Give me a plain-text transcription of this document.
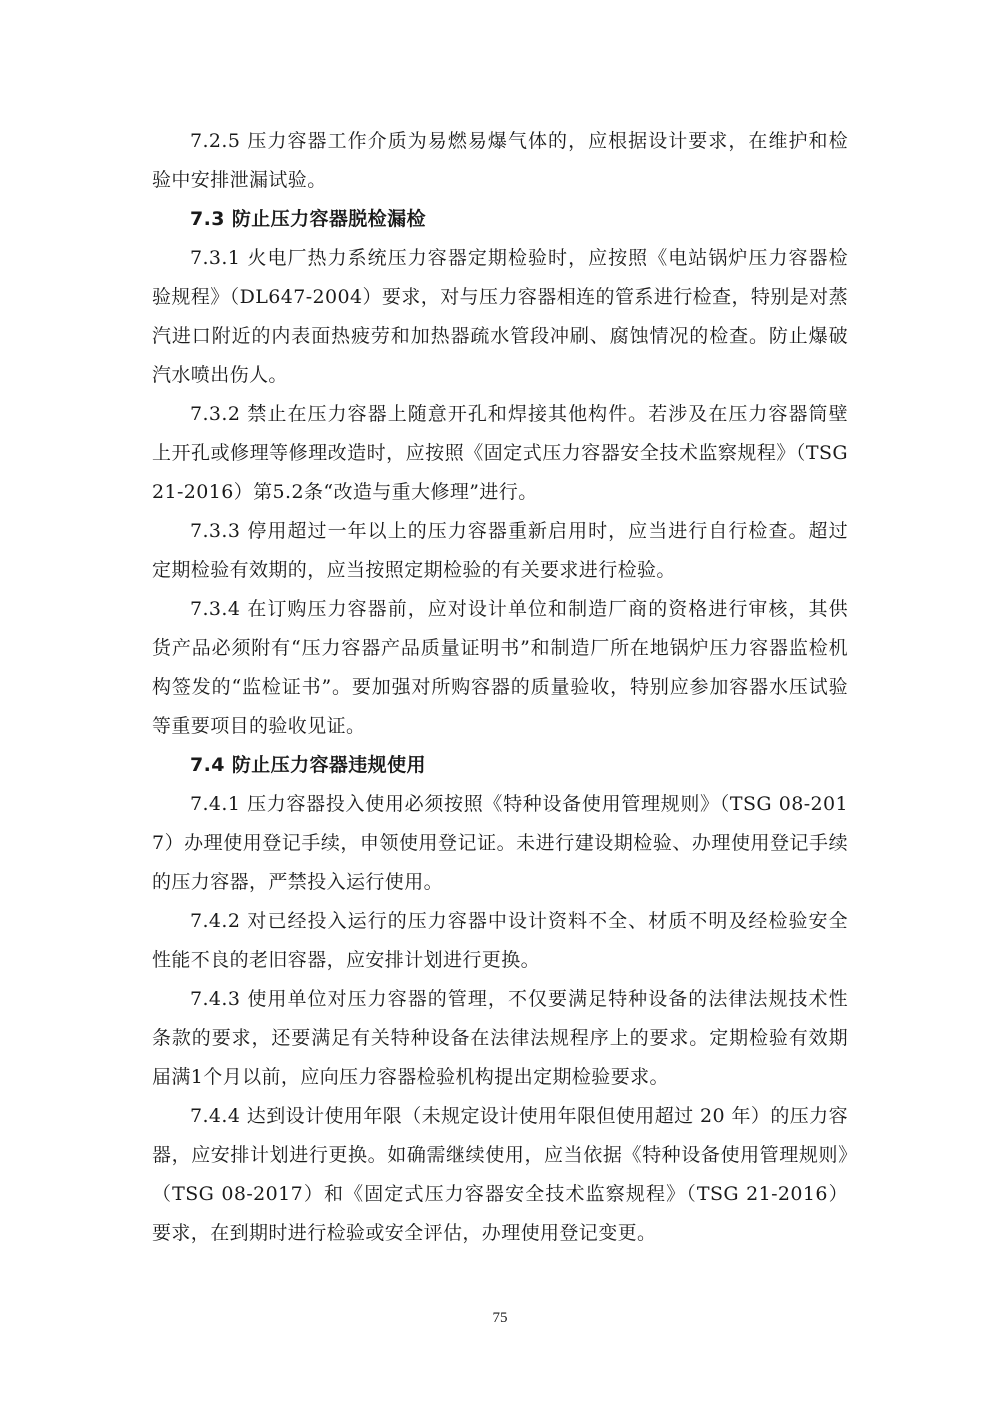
7.2.5 压力容器工作介质为易燃易爆气体的，应根据设计要求，在维护和检验中安排泄漏试验。

7.3 防止压力容器脱检漏检

7.3.1 火电厂热力系统压力容器定期检验时，应按照《电站锅炉压力容器检验规程》（DL647-2004）要求，对与压力容器相连的管系进行检查，特别是对蒸汽进口附近的内表面热疲劳和加热器疏水管段冲刷、腐蚀情况的检查。防止爆破汽水喷出伤人。

7.3.2 禁止在压力容器上随意开孔和焊接其他构件。若涉及在压力容器筒壁上开孔或修理等修理改造时，应按照《固定式压力容器安全技术监察规程》（TSG 21-2016）第5.2条“改造与重大修理”进行。

7.3.3 停用超过一年以上的压力容器重新启用时，应当进行自行检查。超过定期检验有效期的，应当按照定期检验的有关要求进行检验。

7.3.4 在订购压力容器前，应对设计单位和制造厂商的资格进行审核，其供货产品必须附有“压力容器产品质量证明书”和制造厂所在地锅炉压力容器监检机构签发的“监检证书”。要加强对所购容器的质量验收，特别应参加容器水压试验等重要项目的验收见证。

7.4 防止压力容器违规使用

7.4.1 压力容器投入使用必须按照《特种设备使用管理规则》（TSG 08-2017）办理使用登记手续，申领使用登记证。未进行建设期检验、办理使用登记手续的压力容器，严禁投入运行使用。

7.4.2 对已经投入运行的压力容器中设计资料不全、材质不明及经检验安全性能不良的老旧容器，应安排计划进行更换。

7.4.3 使用单位对压力容器的管理，不仅要满足特种设备的法律法规技术性条款的要求，还要满足有关特种设备在法律法规程序上的要求。定期检验有效期届满1个月以前，应向压力容器检验机构提出定期检验要求。

7.4.4 达到设计使用年限（未规定设计使用年限但使用超过 20 年）的压力容器，应安排计划进行更换。如确需继续使用，应当依据《特种设备使用管理规则》（TSG 08-2017）和《固定式压力容器安全技术监察规程》（TSG 21-2016）要求，在到期时进行检验或安全评估，办理使用登记变更。

75
